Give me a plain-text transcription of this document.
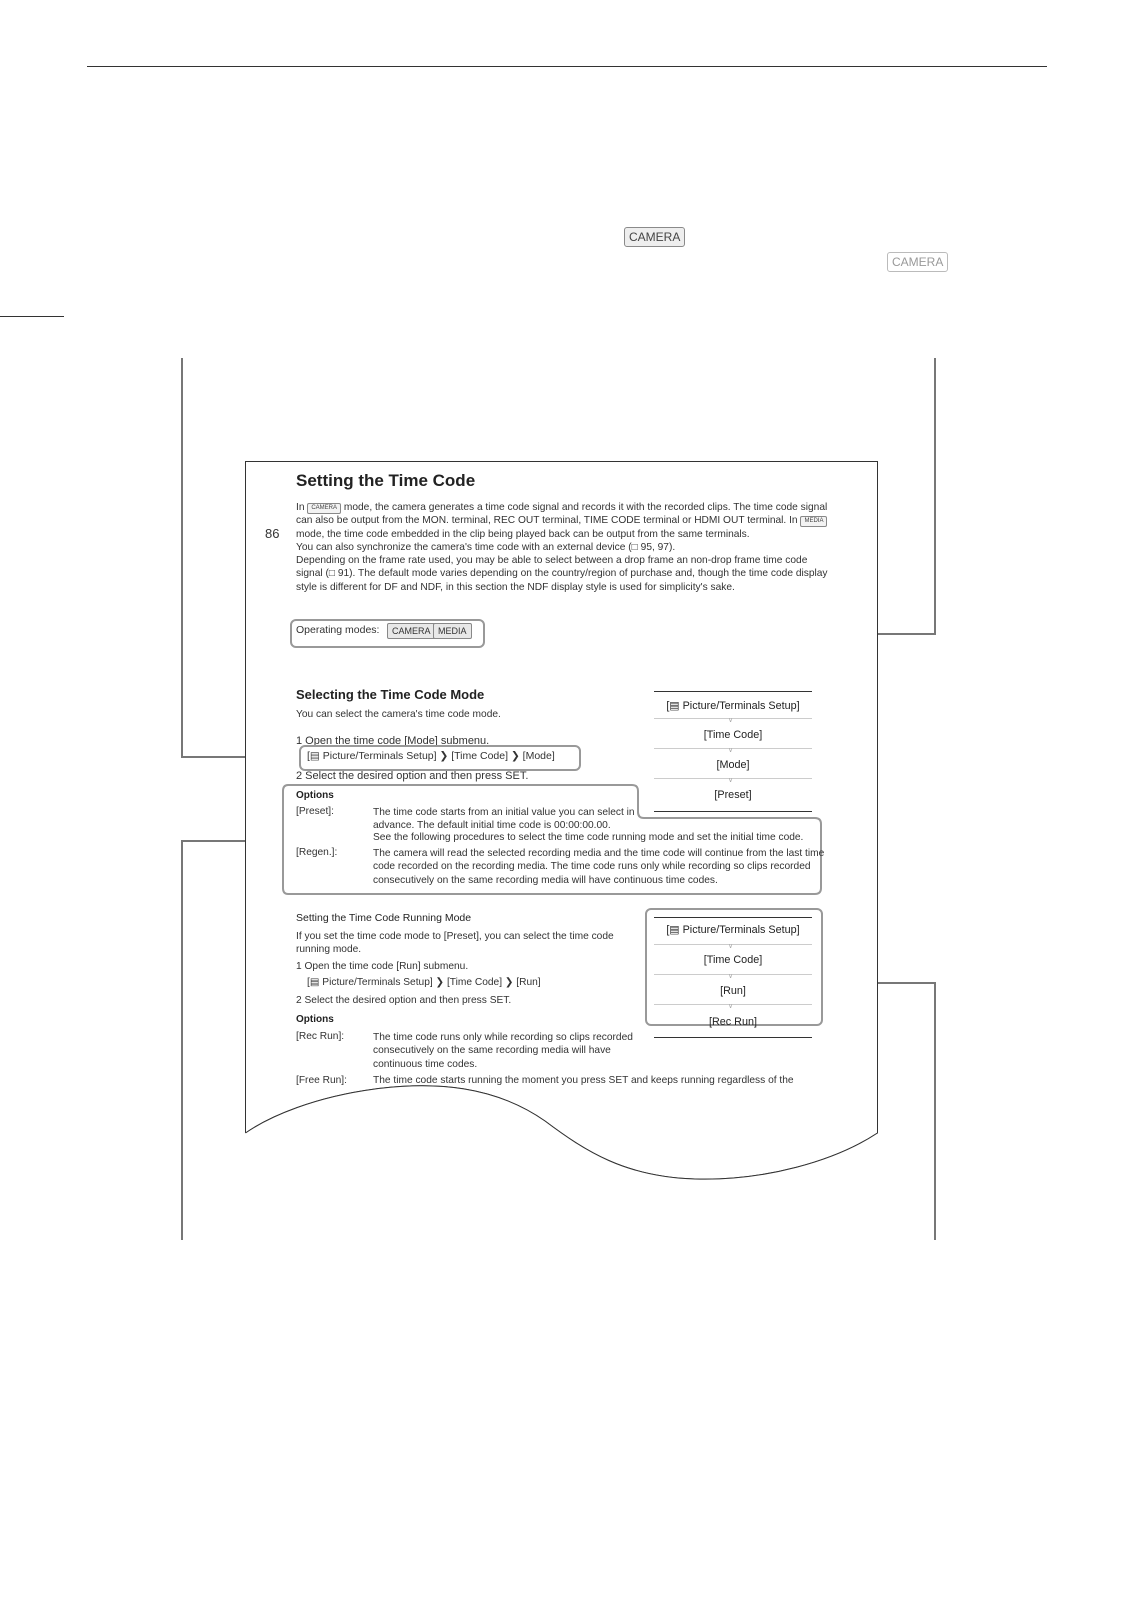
CAMERA
CAMERA
Setting the Time Code
86

In CAMERA mode, the camera generates a time code signal and records it with the recorded clips. The time code signal can also be output from the MON. terminal, REC OUT terminal, TIME CODE terminal or HDMI OUT terminal. In MEDIA mode, the time code embedded in the clip being played back can be output from the same terminals.

You can also synchronize the camera's time code with an external device (□ 95, 97).

Depending on the frame rate used, you may be able to select between a drop frame an non-drop frame time code signal (□ 91). The default mode varies depending on the country/region of purchase and, though the time code display style is different for DF and NDF, in this section the NDF display style is used for simplicity's sake.

Operating modes:	CAMERA MEDIA
Selecting the Time Code Mode
You can select the camera's time code mode.
1 Open the time code [Mode] submenu.
[▤ Picture/Terminals Setup] ❯ [Time Code] ❯ [Mode]
2 Select the desired option and then press SET.
Options
[Preset]:	The time code starts from an initial value you can select in advance. The default initial time code is 00:00:00.00.
See the following procedures to select the time code running mode and set the initial time code.
[Regen.]:	The camera will read the selected recording media and the time code will continue from the last time code recorded on the recording media. The time code runs only while recording so clips recorded consecutively on the same recording media will have continuous time codes.
[▤ Picture/Terminals Setup]
∨
[Time Code]
∨
[Mode]
∨
[Preset]
Setting the Time Code Running Mode
If you set the time code mode to [Preset], you can select the time code running mode.
1 Open the time code [Run] submenu.
[▤ Picture/Terminals Setup] ❯ [Time Code] ❯ [Run]
2 Select the desired option and then press SET.
Options
[Rec Run]:	The time code runs only while recording so clips recorded consecutively on the same recording media will have continuous time codes.
[Free Run]:	The time code starts running the moment you press SET and keeps running regardless of the
[▤ Picture/Terminals Setup]
∨
[Time Code]
∨
[Run]
∨
[Rec Run]
